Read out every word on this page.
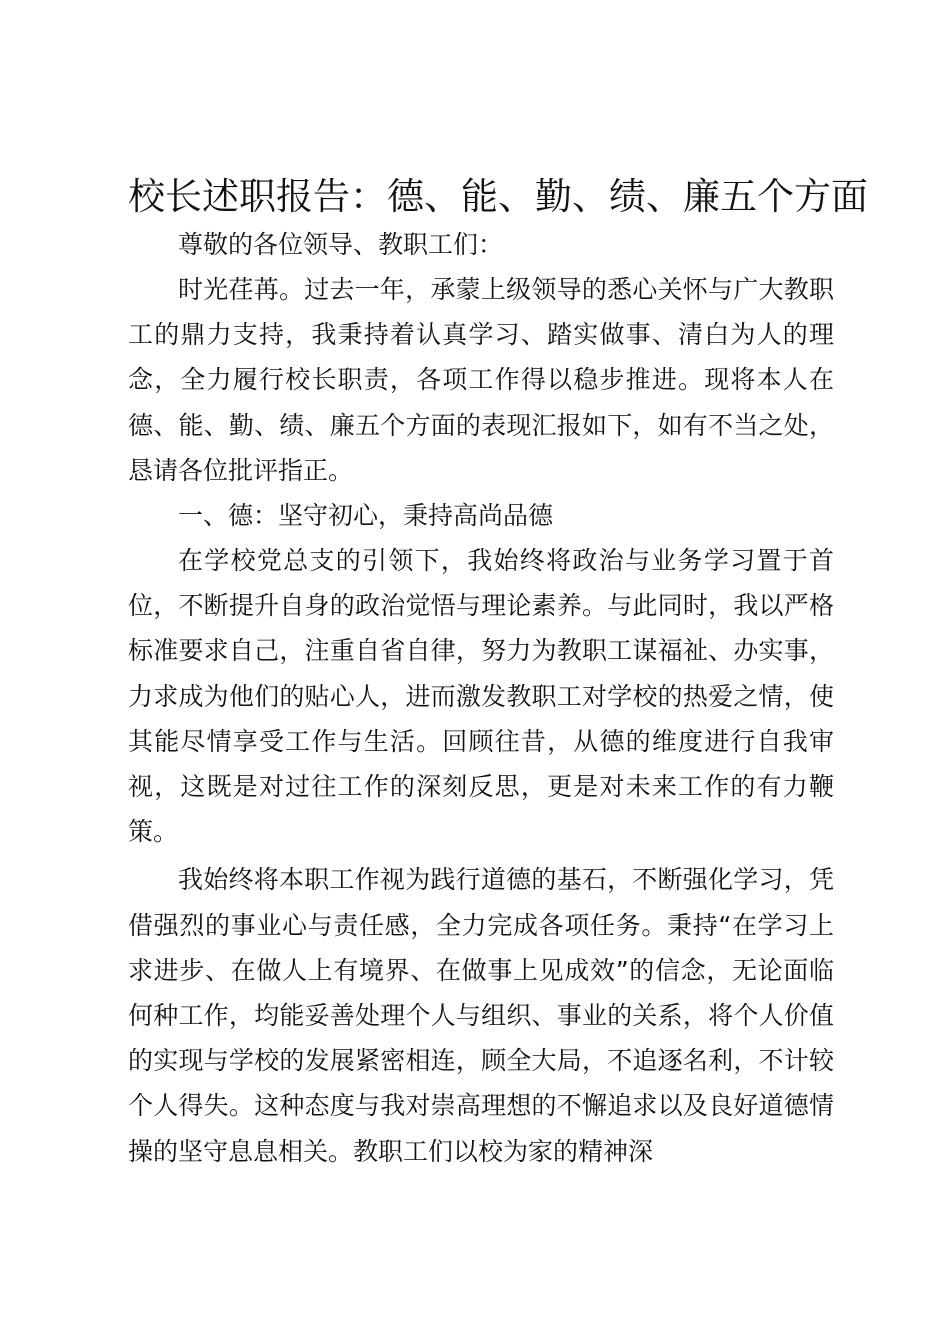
校长述职报告：德、能、勤、绩、廉五个方面

尊敬的各位领导、教职工们：

时光荏苒。过去一年，承蒙上级领导的悉心关怀与广大教职工的鼎力支持，我秉持着认真学习、踏实做事、清白为人的理念，全力履行校长职责，各项工作得以稳步推进。现将本人在德、能、勤、绩、廉五个方面的表现汇报如下，如有不当之处，恳请各位批评指正。

一、德：坚守初心，秉持高尚品德

在学校党总支的引领下，我始终将政治与业务学习置于首位，不断提升自身的政治觉悟与理论素养。与此同时，我以严格标准要求自己，注重自省自律，努力为教职工谋福祉、办实事，力求成为他们的贴心人，进而激发教职工对学校的热爱之情，使其能尽情享受工作与生活。回顾往昔，从德的维度进行自我审视，这既是对过往工作的深刻反思，更是对未来工作的有力鞭策。

我始终将本职工作视为践行道德的基石，不断强化学习，凭借强烈的事业心与责任感，全力完成各项任务。秉持“在学习上求进步、在做人上有境界、在做事上见成效”的信念，无论面临何种工作，均能妥善处理个人与组织、事业的关系，将个人价值的实现与学校的发展紧密相连，顾全大局，不追逐名利，不计较个人得失。这种态度与我对崇高理想的不懈追求以及良好道德情操的坚守息息相关。教职工们以校为家的精神深
